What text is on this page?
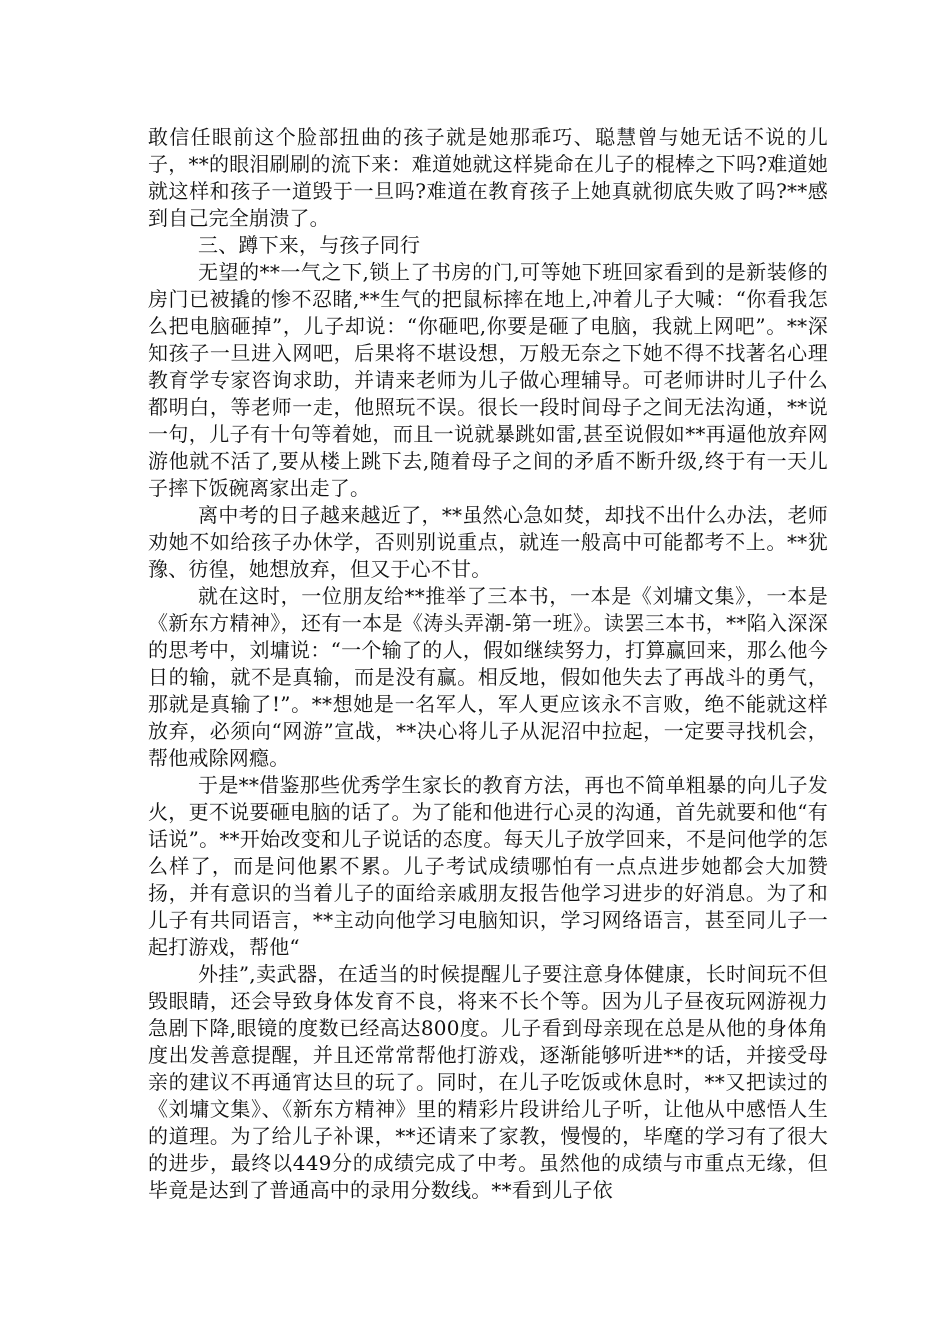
敢信任眼前这个脸部扭曲的孩子就是她那乖巧、聪慧曾与她无话不说的儿子，**的眼泪刷刷的流下来：难道她就这样毙命在儿子的棍棒之下吗?难道她就这样和孩子一道毁于一旦吗?难道在教育孩子上她真就彻底失败了吗?**感到自己完全崩溃了。

三、蹲下来，与孩子同行

无望的**一气之下,锁上了书房的门,可等她下班回家看到的是新装修的房门已被撬的惨不忍睹,**生气的把鼠标摔在地上,冲着儿子大喊：“你看我怎么把电脑砸掉”，儿子却说：“你砸吧,你要是砸了电脑，我就上网吧”。**深知孩子一旦进入网吧，后果将不堪设想，万般无奈之下她不得不找著名心理教育学专家咨询求助，并请来老师为儿子做心理辅导。可老师讲时儿子什么都明白，等老师一走，他照玩不误。很长一段时间母子之间无法沟通，**说一句，儿子有十句等着她，而且一说就暴跳如雷,甚至说假如**再逼他放弃网游他就不活了,要从楼上跳下去,随着母子之间的矛盾不断升级,终于有一天儿子摔下饭碗离家出走了。

离中考的日子越来越近了，**虽然心急如焚，却找不出什么办法，老师劝她不如给孩子办休学，否则别说重点，就连一般高中可能都考不上。**犹豫、彷徨，她想放弃，但又于心不甘。

就在这时，一位朋友给**推举了三本书，一本是《刘墉文集》，一本是《新东方精神》，还有一本是《涛头弄潮-第一班》。读罢三本书，**陷入深深的思考中，刘墉说：“一个输了的人，假如继续努力，打算赢回来，那么他今日的输，就不是真输，而是没有赢。相反地，假如他失去了再战斗的勇气，那就是真输了!”。**想她是一名军人，军人更应该永不言败，绝不能就这样放弃，必须向“网游”宣战，**决心将儿子从泥沼中拉起，一定要寻找机会，帮他戒除网瘾。

于是**借鉴那些优秀学生家长的教育方法，再也不简单粗暴的向儿子发火，更不说要砸电脑的话了。为了能和他进行心灵的沟通，首先就要和他“有话说”。**开始改变和儿子说话的态度。每天儿子放学回来，不是问他学的怎么样了，而是问他累不累。儿子考试成绩哪怕有一点点进步她都会大加赞扬，并有意识的当着儿子的面给亲戚朋友报告他学习进步的好消息。为了和儿子有共同语言，**主动向他学习电脑知识，学习网络语言，甚至同儿子一起打游戏，帮他“

外挂”,卖武器，在适当的时候提醒儿子要注意身体健康，长时间玩不但毁眼睛，还会导致身体发育不良，将来不长个等。因为儿子昼夜玩网游视力急剧下降,眼镜的度数已经高达800度。儿子看到母亲现在总是从他的身体角度出发善意提醒，并且还常常帮他打游戏，逐渐能够听进**的话，并接受母亲的建议不再通宵达旦的玩了。同时，在儿子吃饭或休息时，**又把读过的《刘墉文集》、《新东方精神》里的精彩片段讲给儿子听，让他从中感悟人生的道理。为了给儿子补课，**还请来了家教，慢慢的，毕麾的学习有了很大的进步，最终以449分的成绩完成了中考。虽然他的成绩与市重点无缘，但毕竟是达到了普通高中的录用分数线。**看到儿子依
